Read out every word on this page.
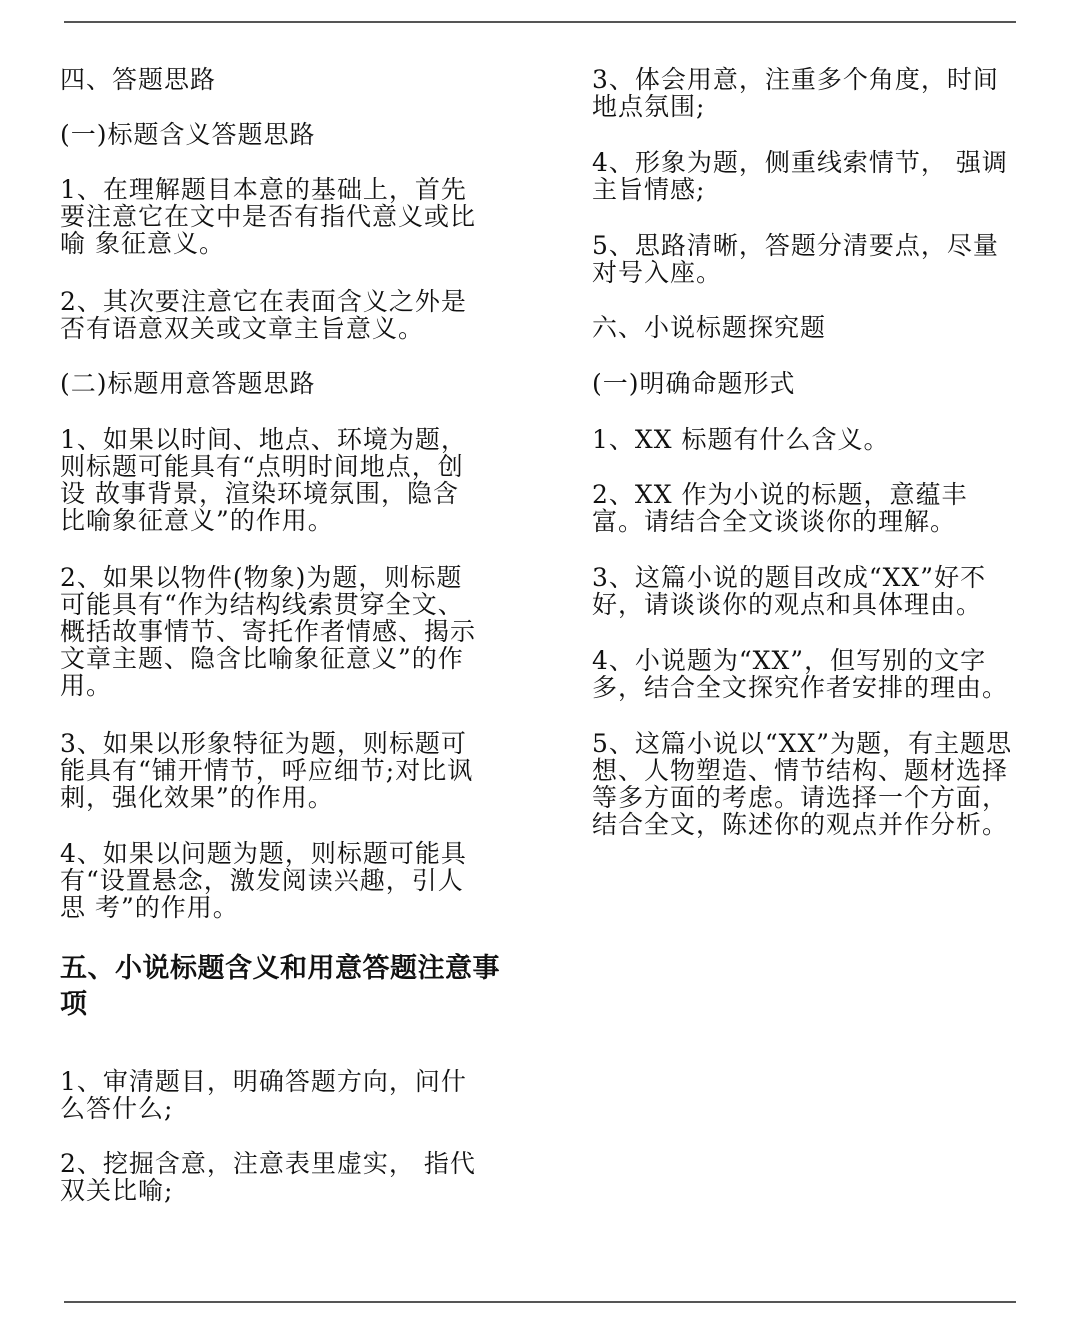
四、答题思路
(一)标题含义答题思路
1、在理解题目本意的基础上，首先
要注意它在文中是否有指代意义或比
喻 象征意义。
2、其次要注意它在表面含义之外是
否有语意双关或文章主旨意义。
(二)标题用意答题思路
1、如果以时间、地点、环境为题，
则标题可能具有“点明时间地点，创
设 故事背景，渲染环境氛围，隐含
比喻象征意义”的作用。
2、如果以物件(物象)为题，则标题
可能具有“作为结构线索贯穿全文、
概括故事情节、寄托作者情感、揭示
文章主题、隐含比喻象征意义”的作
用。
3、如果以形象特征为题，则标题可
能具有“铺开情节，呼应细节;对比讽
刺，强化效果”的作用。
4、如果以问题为题，则标题可能具
有“设置悬念，激发阅读兴趣，引人
思 考”的作用。
五、小说标题含义和用意答题注意事
项
1、审清题目，明确答题方向，问什
么答什么;
2、挖掘含意，注意表里虚实， 指代
双关比喻;
3、体会用意，注重多个角度，时间
地点氛围;
4、形象为题，侧重线索情节， 强调
主旨情感;
5、思路清晰，答题分清要点，尽量
对号入座。
六、小说标题探究题
(一)明确命题形式
1、XX 标题有什么含义。
2、XX 作为小说的标题，意蕴丰
富。请结合全文谈谈你的理解。
3、这篇小说的题目改成“XX”好不
好，请谈谈你的观点和具体理由。
4、小说题为“XX”，但写别的文字
多，结合全文探究作者安排的理由。
5、这篇小说以“XX”为题，有主题思
想、人物塑造、情节结构、题材选择
等多方面的考虑。请选择一个方面，
结合全文，陈述你的观点并作分析。
